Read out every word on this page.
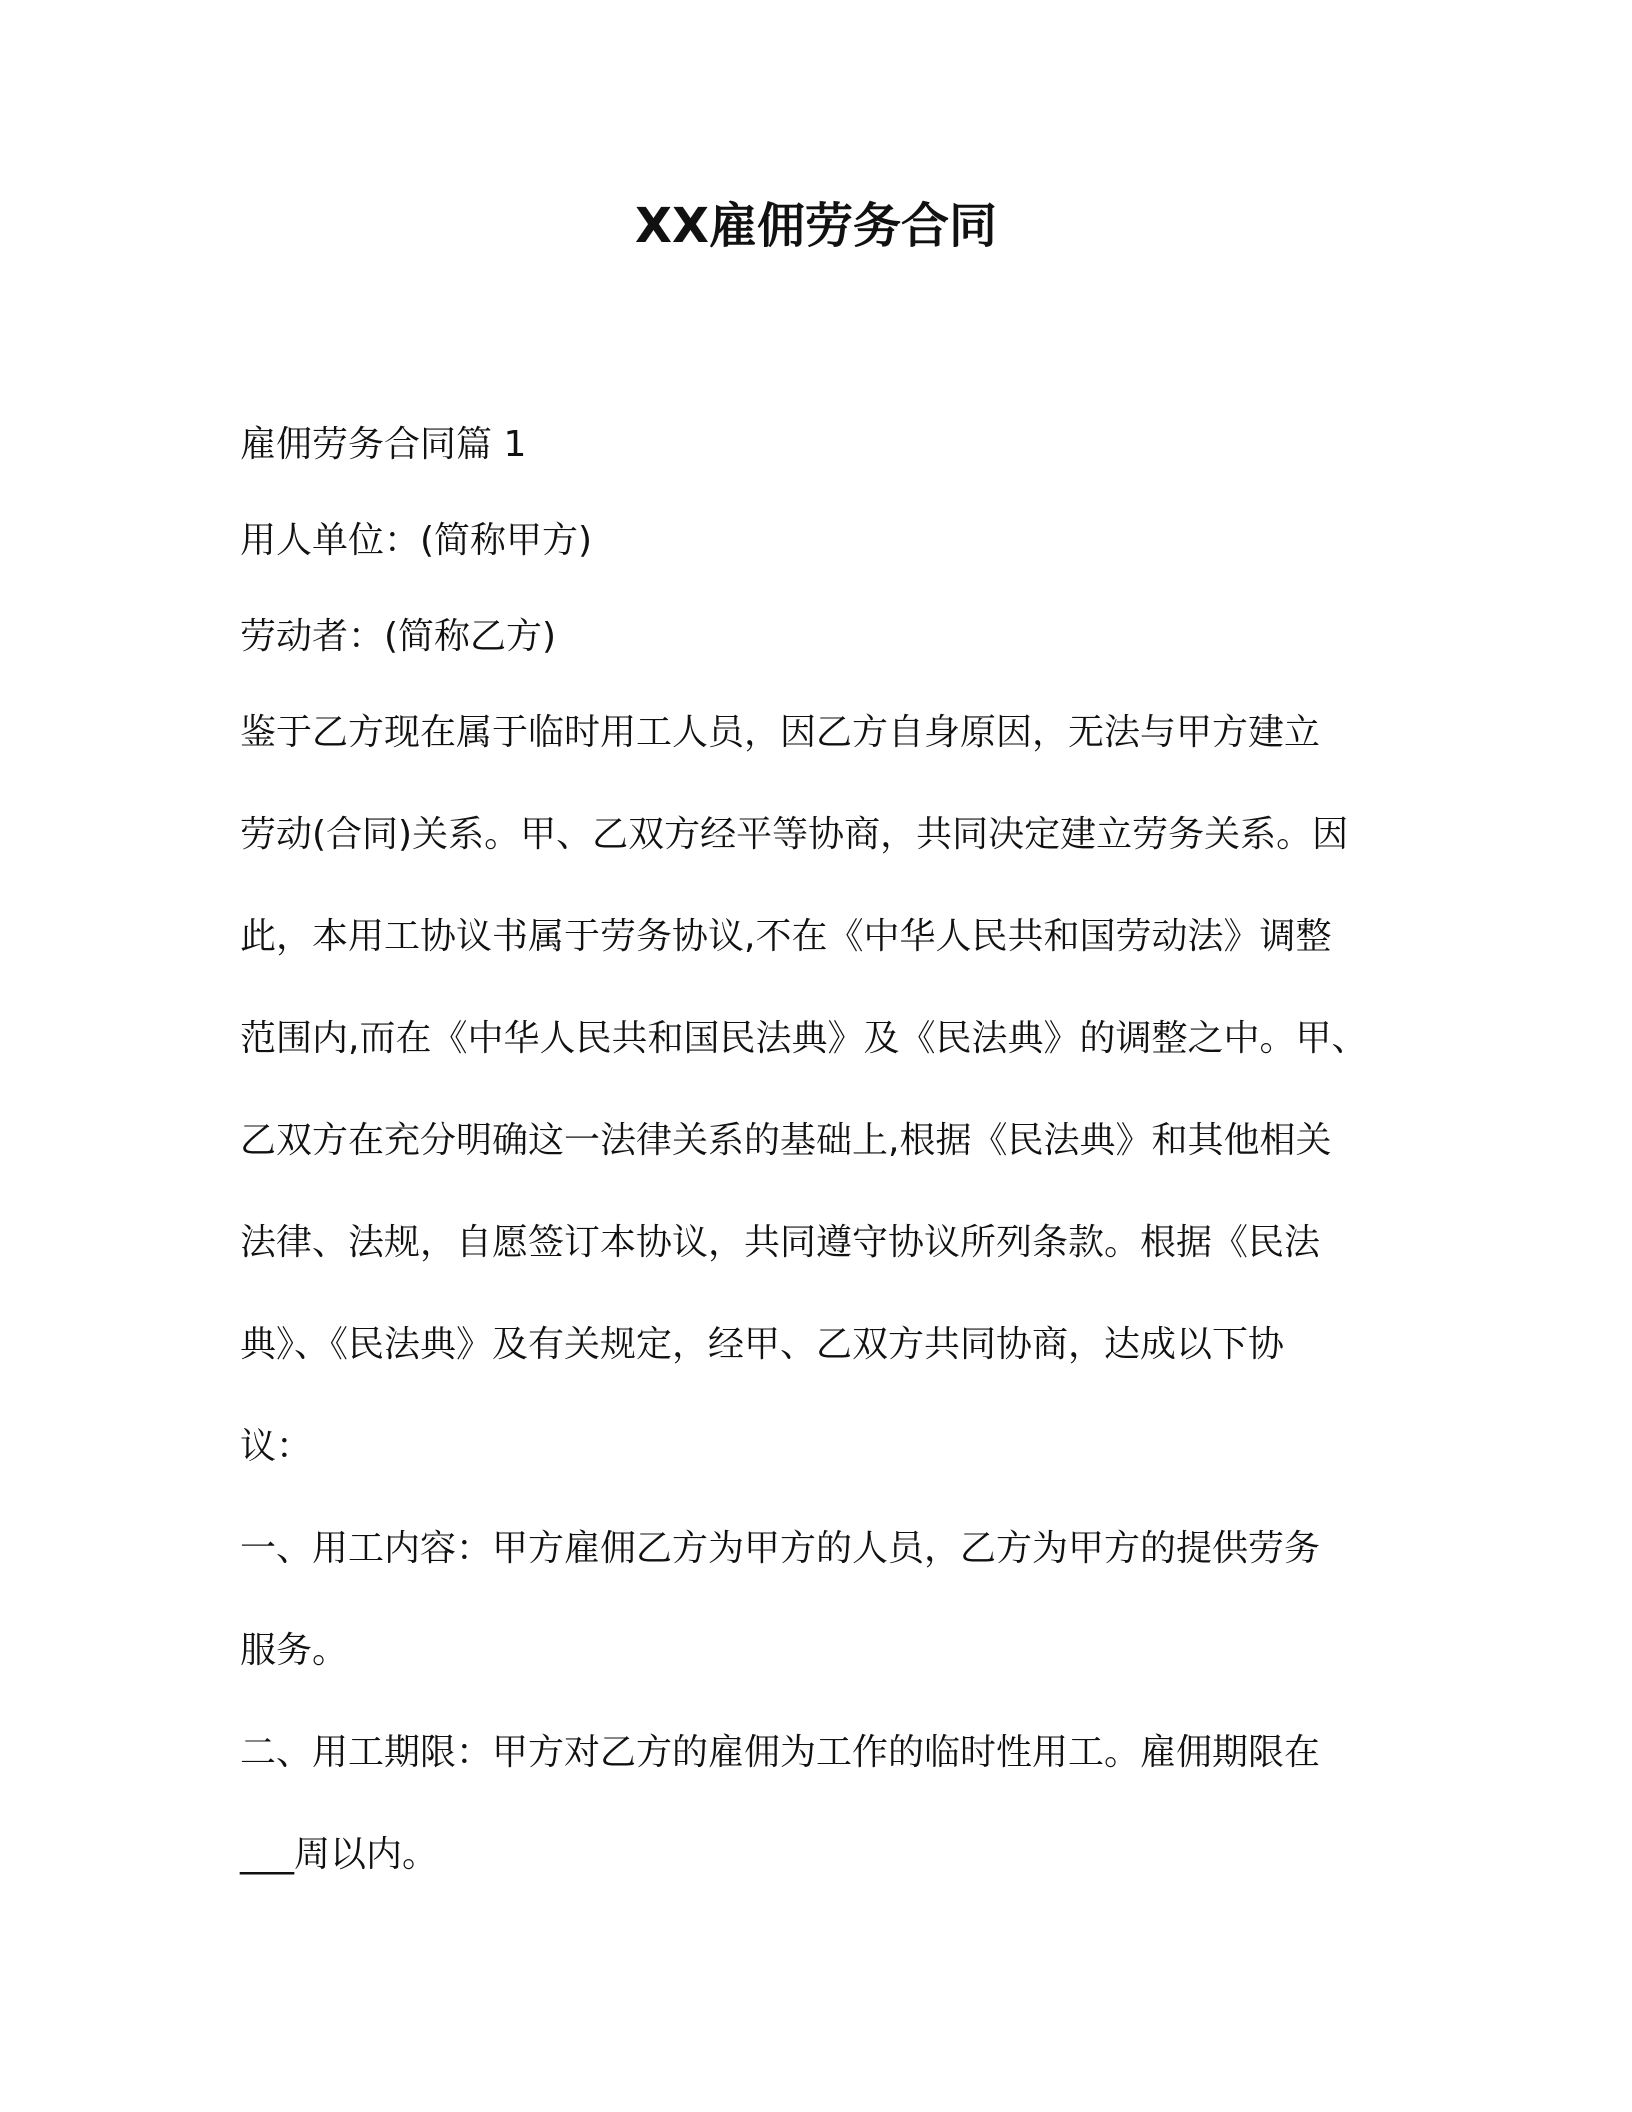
XX雇佣劳务合同

雇佣劳务合同篇 1

用人单位：(简称甲方)

劳动者：(简称乙方)

鉴于乙方现在属于临时用工人员，因乙方自身原因，无法与甲方建立

劳动(合同)关系。甲、乙双方经平等协商，共同决定建立劳务关系。因

此，本用工协议书属于劳务协议,不在《中华人民共和国劳动法》调整

范围内,而在《中华人民共和国民法典》及《民法典》的调整之中。甲、

乙双方在充分明确这一法律关系的基础上,根据《民法典》和其他相关

法律、法规，自愿签订本协议，共同遵守协议所列条款。根据《民法

典》、《民法典》及有关规定，经甲、乙双方共同协商，达成以下协

议：

一、用工内容：甲方雇佣乙方为甲方的人员，乙方为甲方的提供劳务

服务。

二、用工期限：甲方对乙方的雇佣为工作的临时性用工。雇佣期限在

___周以内。
